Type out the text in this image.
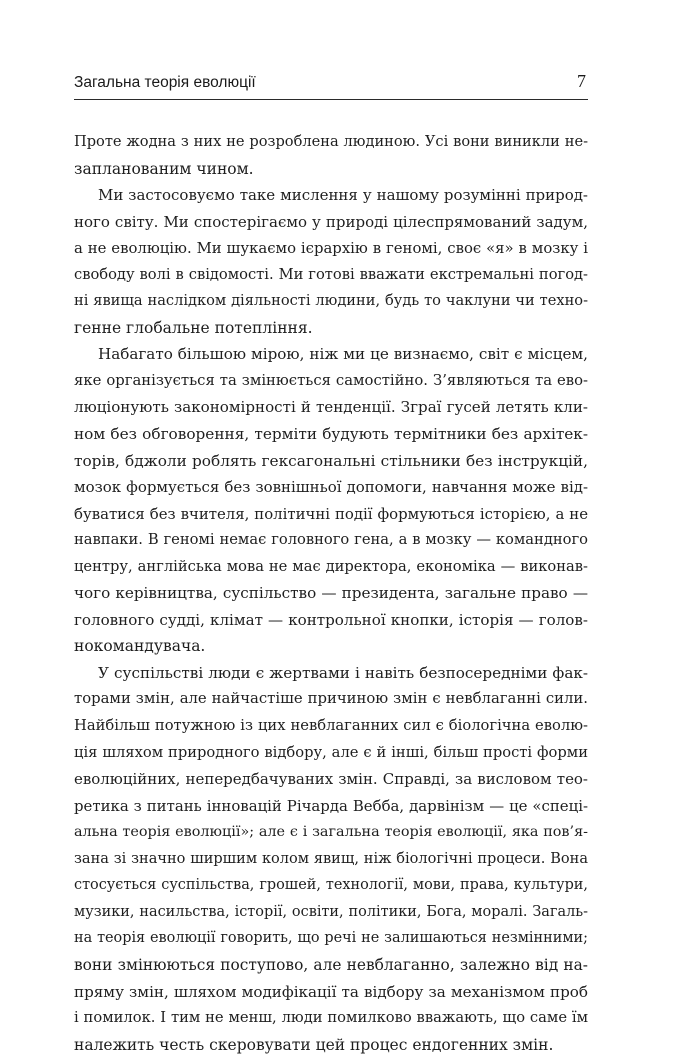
Загальна теорія еволюції	7
Проте жодна з них не розроблена людиною. Усі вони виникли не-
запланованим чином.
Ми застосовуємо таке мислення у нашому розумінні природ-
ного світу. Ми спостерігаємо у природі цілеспрямований задум,
а не еволюцію. Ми шукаємо ієрархію в геномі, своє «я» в мозку і
свободу волі в свідомості. Ми готові вважати екстремальні погод-
ні явища наслідком діяльності людини, будь то чаклуни чи техно-
генне глобальне потепління.
Набагато більшою мірою, ніж ми це визнаємо, світ є місцем,
яке організується та змінюється самостійно. З’являються та ево-
люціонують закономірності й тенденції. Зграї гусей летять кли-
ном без обговорення, терміти будують термітники без архітек-
торів, бджоли роблять гексагональні стільники без інструкцій,
мозок формується без зовнішньої допомоги, навчання може від-
буватися без вчителя, політичні події формуються історією, а не
навпаки. В геномі немає головного гена, а в мозку — командного
центру, англійська мова не має директора, економіка — виконав-
чого керівництва, суспільство — президента, загальне право —
головного судді, клімат — контрольної кнопки, історія — голов-
нокомандувача.
У суспільстві люди є жертвами і навіть безпосередніми фак-
торами змін, але найчастіше причиною змін є невблаганні сили.
Найбільш потужною із цих невблаганних сил є біологічна еволю-
ція шляхом природного відбору, але є й інші, більш прості форми
еволюційних, непередбачуваних змін. Справді, за висловом тео-
ретика з питань інновацій Річарда Вебба, дарвінізм — це «спеці-
альна теорія еволюції»; але є і загальна теорія еволюції, яка пов’я-
зана зі значно ширшим колом явищ, ніж біологічні процеси. Вона
стосується суспільства, грошей, технології, мови, права, культури,
музики, насильства, історії, освіти, політики, Бога, моралі. Загаль-
на теорія еволюції говорить, що речі не залишаються незмінними;
вони змінюються поступово, але невблаганно, залежно від на-
пряму змін, шляхом модифікації та відбору за механізмом проб
і помилок. І тим не менш, люди помилково вважають, що саме їм
належить честь скеровувати цей процес ендогенних змін.
